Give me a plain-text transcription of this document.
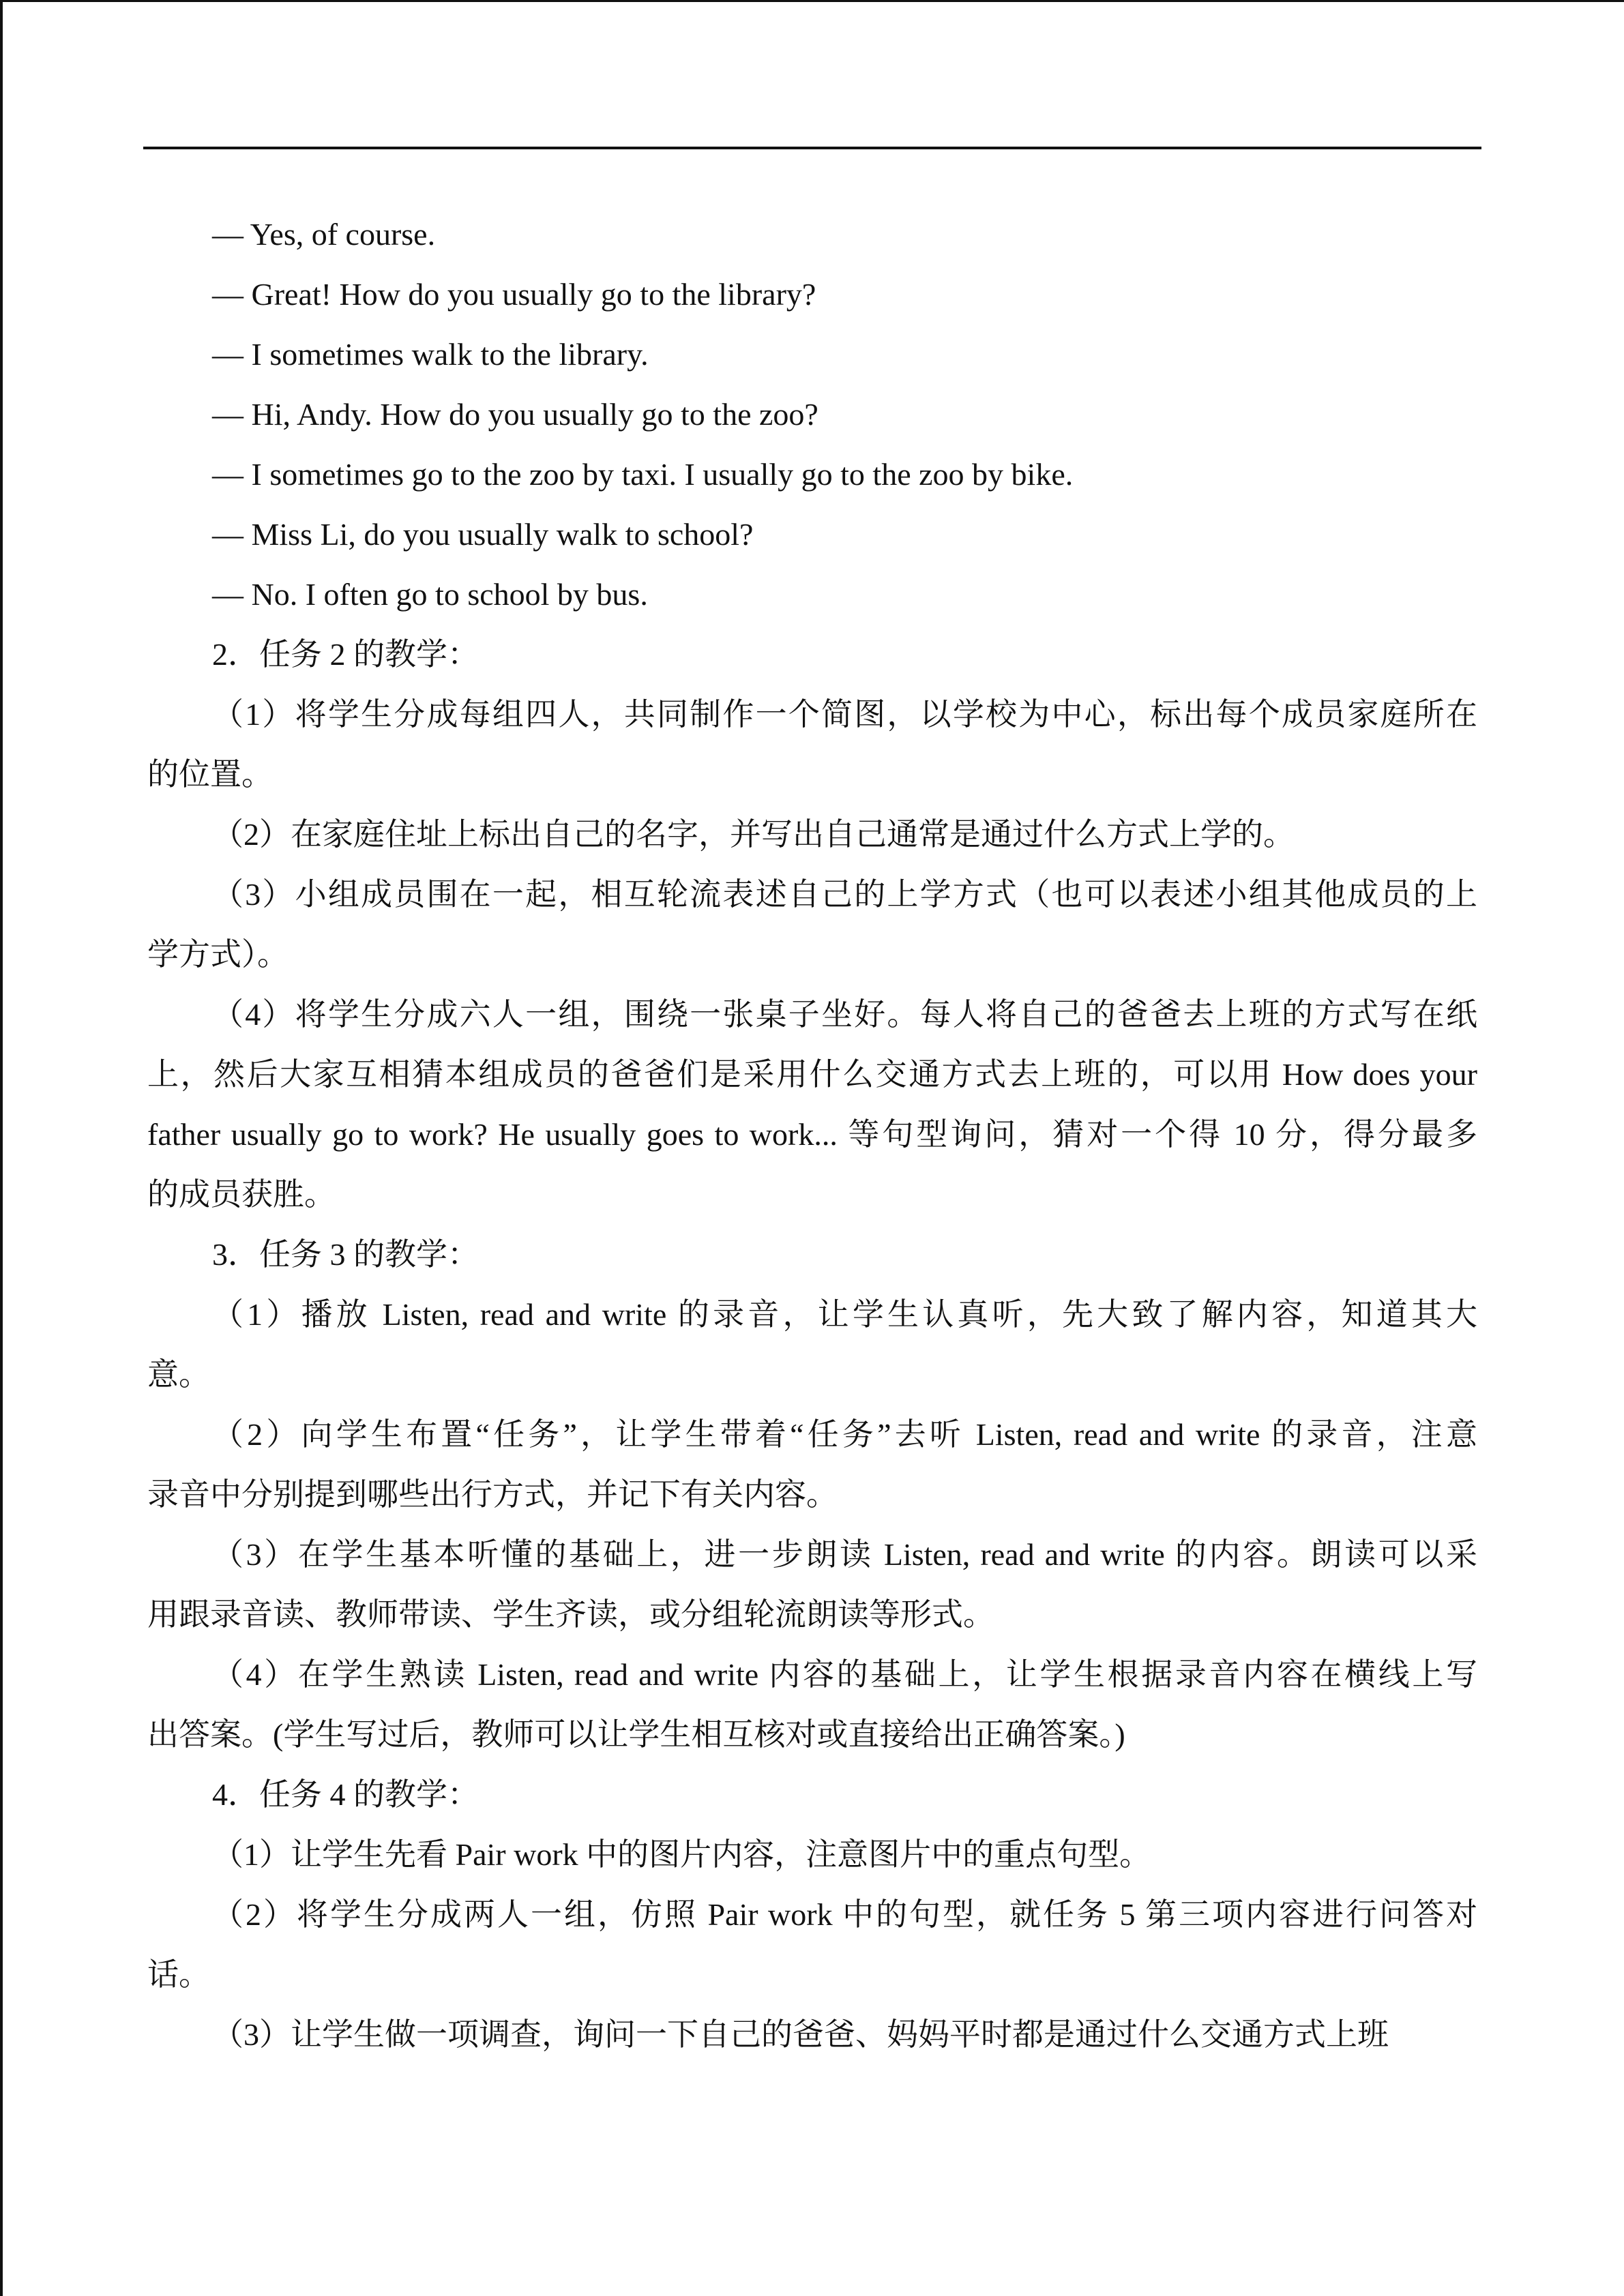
— Yes, of course.
— Great! How do you usually go to the library?
— I sometimes walk to the library.
— Hi, Andy. How do you usually go to the zoo?
— I sometimes go to the zoo by taxi. I usually go to the zoo by bike.
— Miss Li, do you usually walk to school?
— No. I often go to school by bus.
2．任务 2 的教学：
（1）将学生分成每组四人，共同制作一个简图，以学校为中心，标出每个成员家庭所在
的位置。
（2）在家庭住址上标出自己的名字，并写出自己通常是通过什么方式上学的。
（3）小组成员围在一起，相互轮流表述自己的上学方式（也可以表述小组其他成员的上
学方式）。
（4）将学生分成六人一组，围绕一张桌子坐好。每人将自己的爸爸去上班的方式写在纸
上，然后大家互相猜本组成员的爸爸们是采用什么交通方式去上班的，可以用 How does your
father usually go to work? He usually goes to work... 等句型询问，猜对一个得 10 分，得分最多
的成员获胜。
3．任务 3 的教学：
（1）播放 Listen, read and write 的录音，让学生认真听，先大致了解内容，知道其大
意。
（2）向学生布置“任务”，让学生带着“任务”去听 Listen, read and write 的录音，注意
录音中分别提到哪些出行方式，并记下有关内容。
（3）在学生基本听懂的基础上，进一步朗读 Listen, read and write 的内容。朗读可以采
用跟录音读、教师带读、学生齐读，或分组轮流朗读等形式。
（4）在学生熟读 Listen, read and write 内容的基础上，让学生根据录音内容在横线上写
出答案。(学生写过后，教师可以让学生相互核对或直接给出正确答案。)
4．任务 4 的教学：
（1）让学生先看 Pair work 中的图片内容，注意图片中的重点句型。
（2）将学生分成两人一组，仿照 Pair work 中的句型，就任务 5 第三项内容进行问答对
话。
（3）让学生做一项调查，询问一下自己的爸爸、妈妈平时都是通过什么交通方式上班
